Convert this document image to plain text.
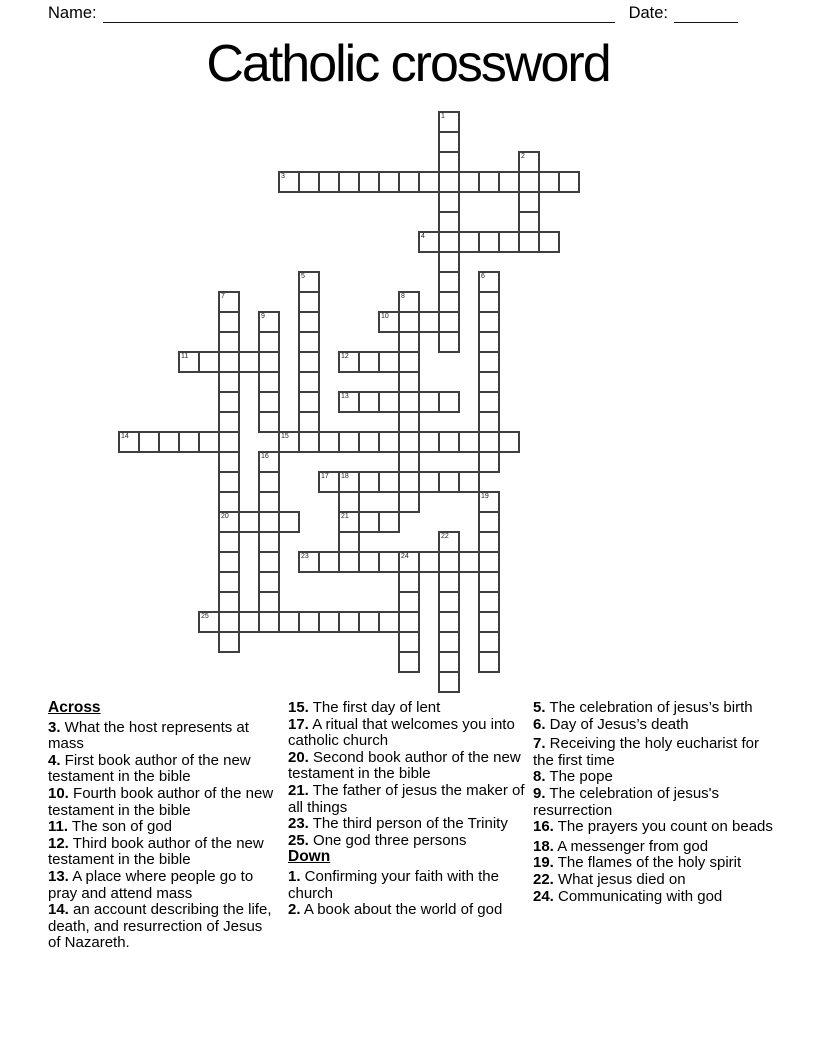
Name:	Date:
Catholic crossword
3
4
10
11	12
13
14	15
17 18
20	21
23	24
25
1
2
5	6
7	8
9
16
19
22
Across
3. What the host represents at mass
4. First book author of the new testament in the bible
10. Fourth book author of the new testament in the bible
11. The son of god
12. Third book author of the new testament in the bible
13. A place where people go to pray and attend mass
14. an account describing the life, death, and resurrection of Jesus of Nazareth.
15. The first day of lent
17. A ritual that welcomes you into catholic church
20. Second book author of the new testament in the bible
21. The father of jesus the maker of all things
23. The third person of the Trinity
25. One god three persons
Down
1. Confirming your faith with the church
2. A book about the world of god
5. The celebration of jesus’s birth
6. Day of Jesus’s death
7. Receiving the holy eucharist for the first time
8. The pope
9. The celebration of jesus's resurrection
16. The prayers you count on beads
18. A messenger from god
19. The flames of the holy spirit
22. What jesus died on
24. Communicating with god
